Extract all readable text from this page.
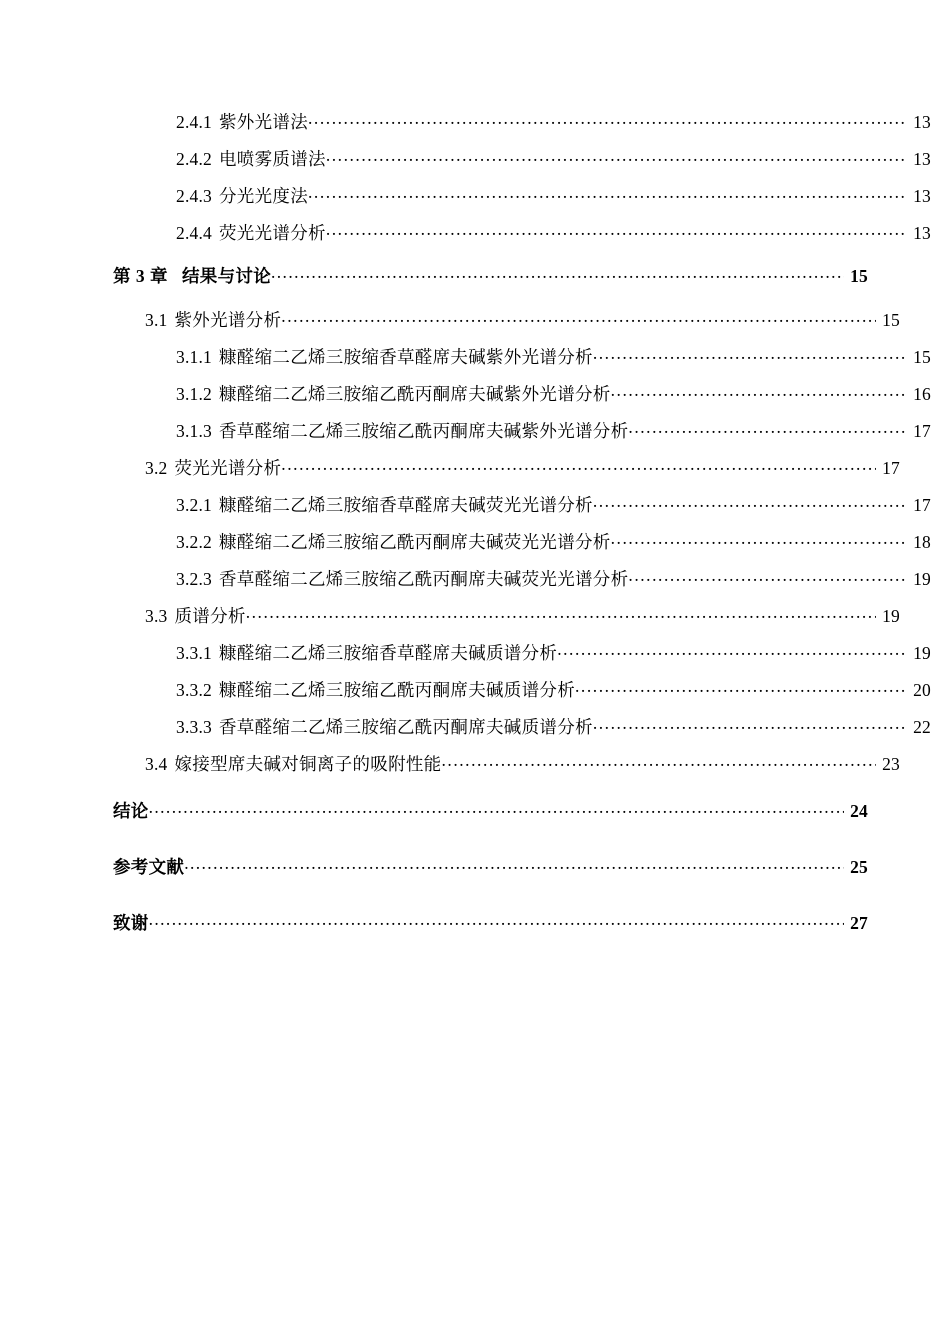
2.4.1 紫外光谱法 .....	13
2.4.2 电喷雾质谱法 .....	13
2.4.3 分光光度法 .....	13
2.4.4 荧光光谱分析 .....	13
第 3 章 结果与讨论 .....	15
3.1 紫外光谱分析 .....	15
3.1.1 糠醛缩二乙烯三胺缩香草醛席夫碱紫外光谱分析 .....	15
3.1.2 糠醛缩二乙烯三胺缩乙酰丙酮席夫碱紫外光谱分析 .....	16
3.1.3 香草醛缩二乙烯三胺缩乙酰丙酮席夫碱紫外光谱分析 .....	17
3.2 荧光光谱分析 .....	17
3.2.1 糠醛缩二乙烯三胺缩香草醛席夫碱荧光光谱分析 .....	17
3.2.2 糠醛缩二乙烯三胺缩乙酰丙酮席夫碱荧光光谱分析 .....	18
3.2.3 香草醛缩二乙烯三胺缩乙酰丙酮席夫碱荧光光谱分析 .....	19
3.3 质谱分析 .....	19
3.3.1 糠醛缩二乙烯三胺缩香草醛席夫碱质谱分析 .....	19
3.3.2 糠醛缩二乙烯三胺缩乙酰丙酮席夫碱质谱分析 .....	20
3.3.3 香草醛缩二乙烯三胺缩乙酰丙酮席夫碱质谱分析 .....	22
3.4 嫁接型席夫碱对铜离子的吸附性能 .....	23
结论 .....	24
参考文献 .....	25
致谢 .....	27
